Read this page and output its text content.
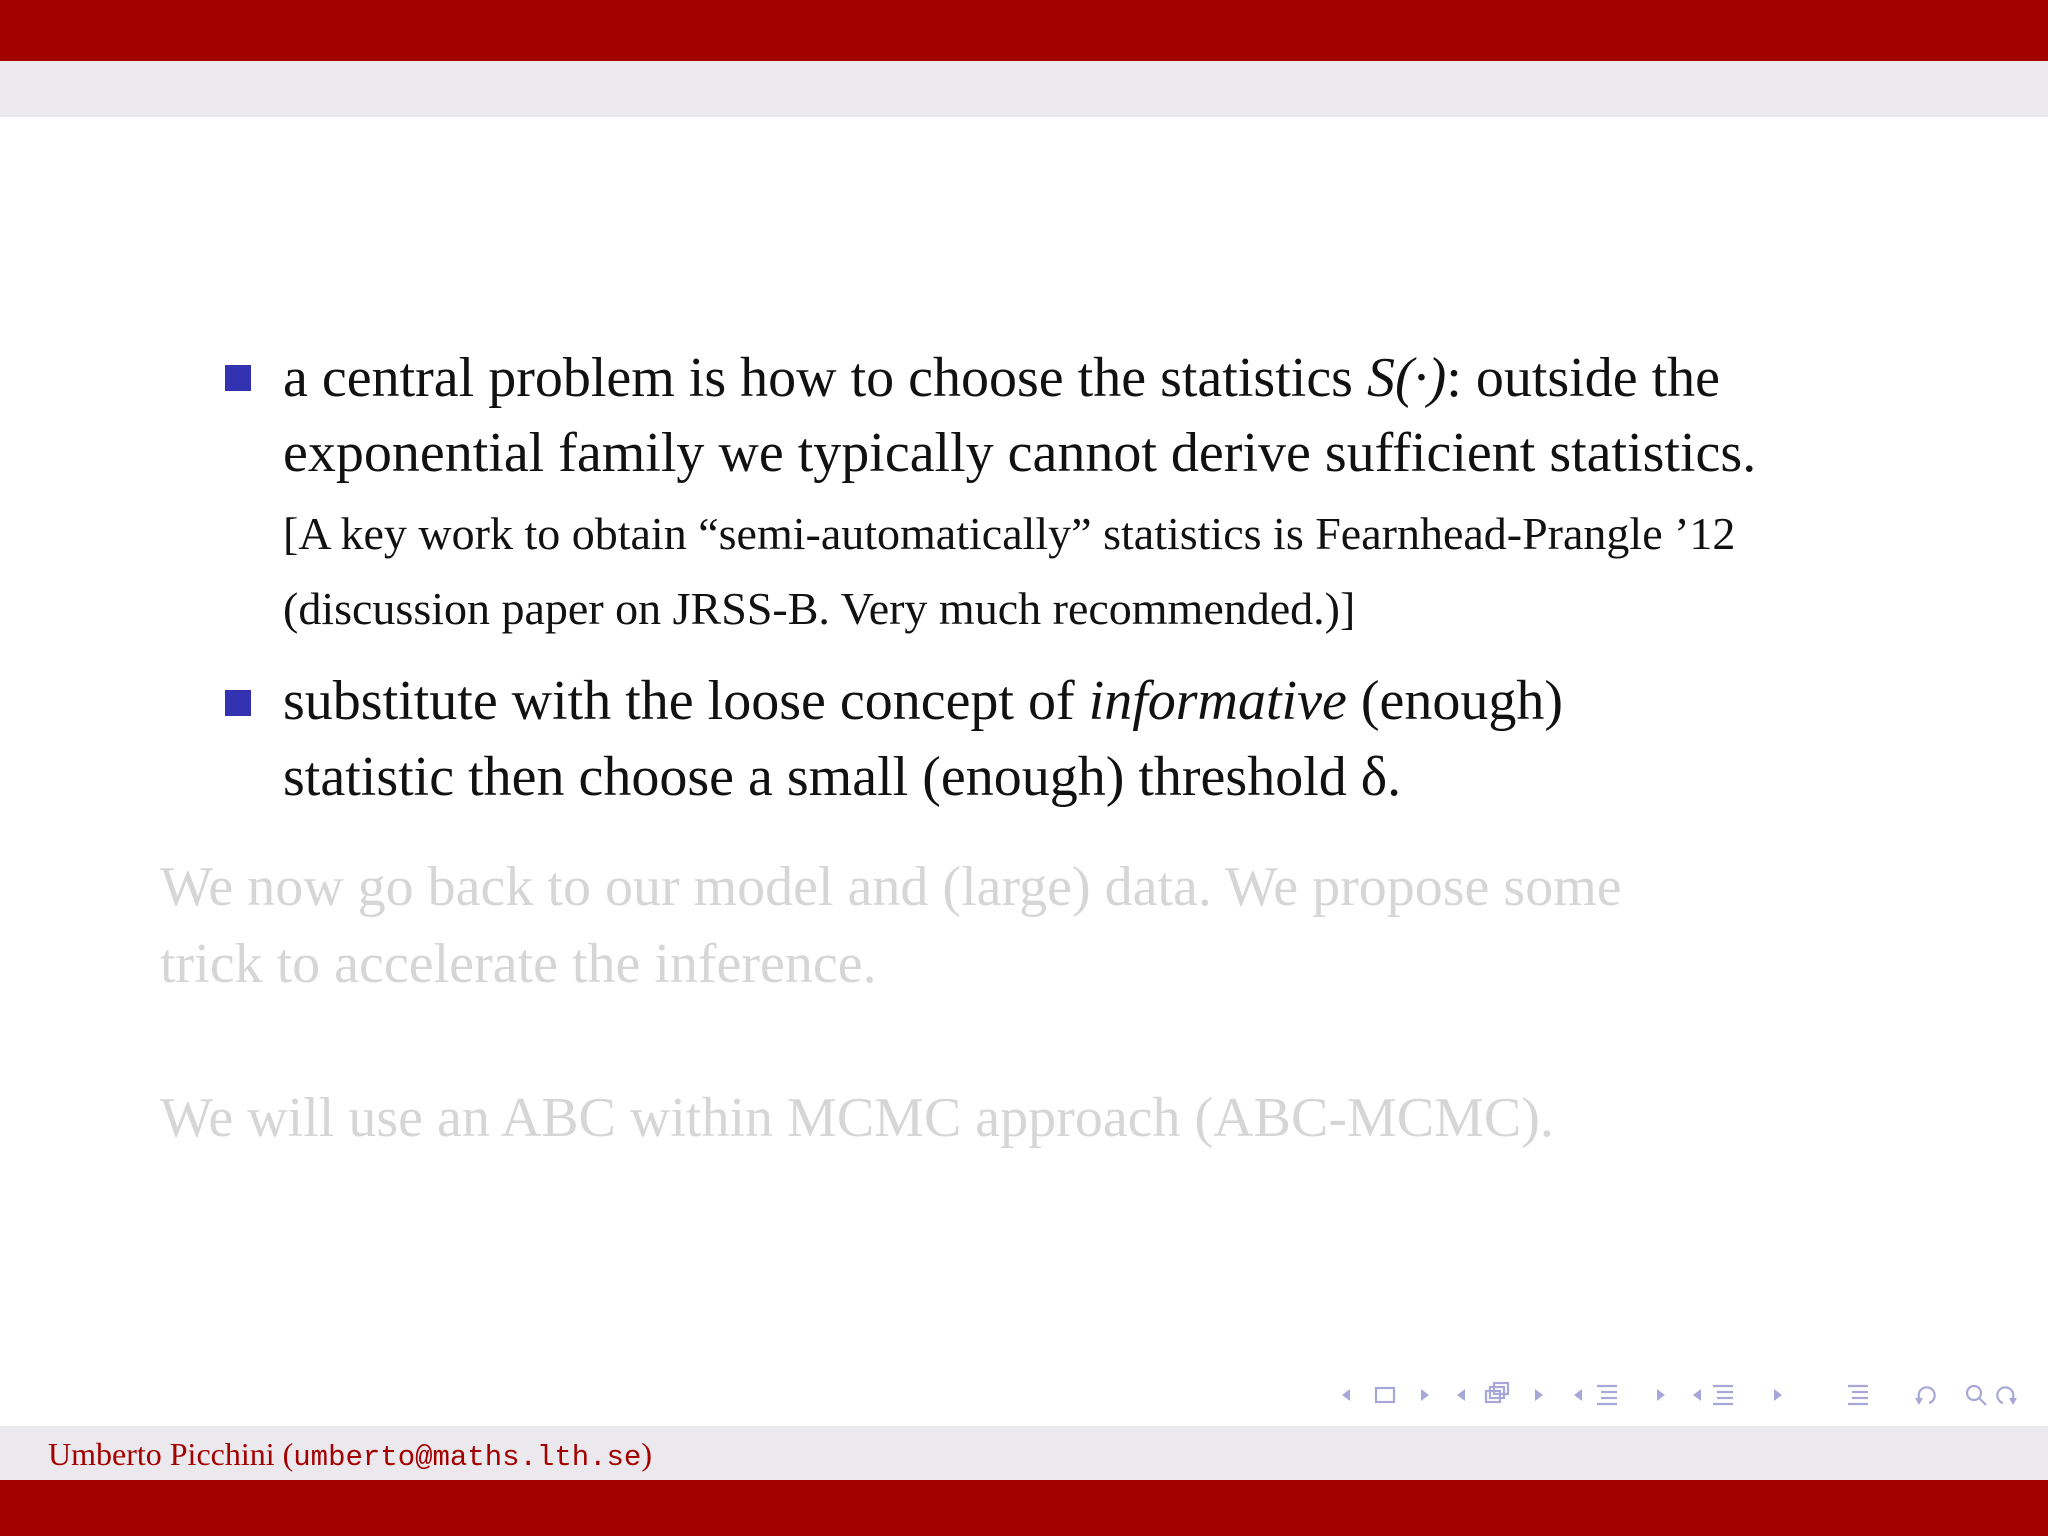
a central problem is how to choose the statistics S(·): outside the
exponential family we typically cannot derive sufficient statistics.
[A key work to obtain “semi-automatically” statistics is Fearnhead-Prangle ’12
(discussion paper on JRSS-B. Very much recommended.)]
substitute with the loose concept of informative (enough)
statistic then choose a small (enough) threshold δ.
We now go back to our model and (large) data. We propose some
trick to accelerate the inference.
We will use an ABC within MCMC approach (ABC-MCMC).
Umberto Picchini (umberto@maths.lth.se)
